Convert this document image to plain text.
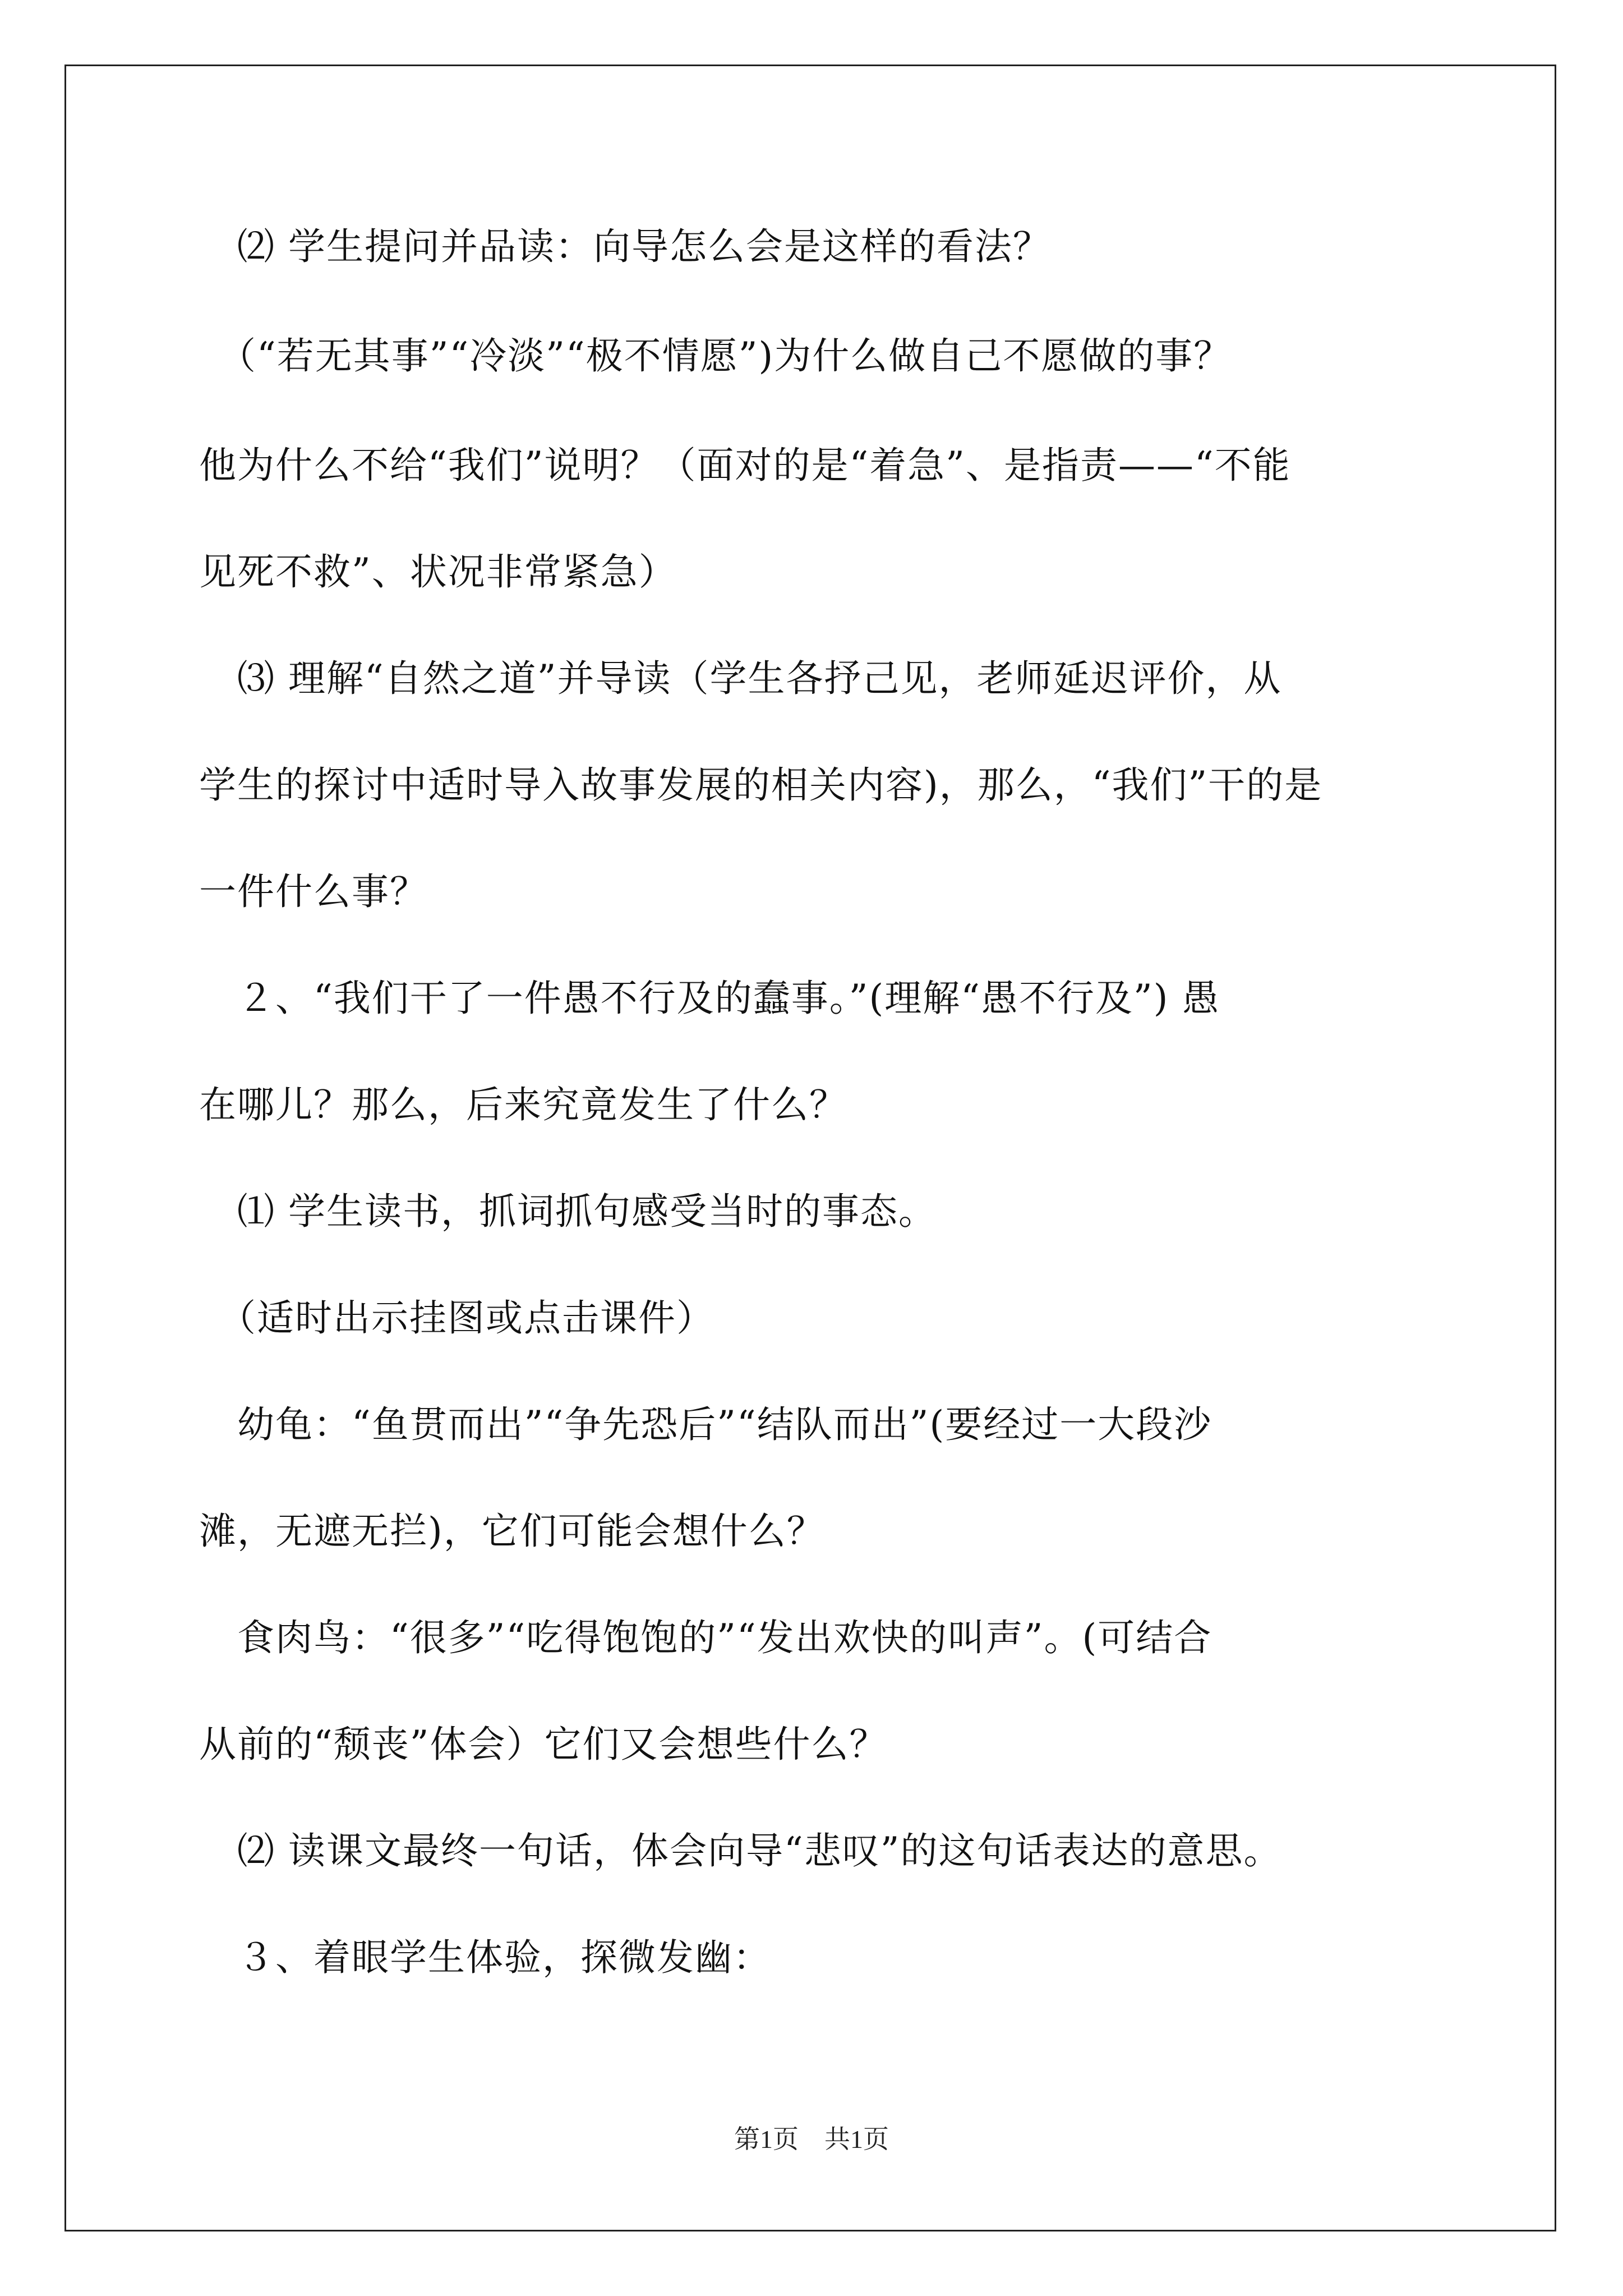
　⑵ 学生提问并品读：向导怎么会是这样的看法？
　（“若无其事”“冷淡”“极不情愿”)为什么做自己不愿做的事？
他为什么不给“我们”说明？（面对的是“着急”、是指责——“不能
见死不救”、状况非常紧急）
　⑶ 理解“自然之道”并导读（学生各抒己见，老师延迟评价，从
学生的探讨中适时导入故事发展的相关内容)，那么，“我们”干的是
一件什么事？
　２、“我们干了一件愚不行及的蠢事。”(理解“愚不行及”) 愚
在哪儿？那么，后来究竟发生了什么？
　⑴ 学生读书，抓词抓句感受当时的事态。
　（适时出示挂图或点击课件）
　幼龟：“鱼贯而出”“争先恐后”“结队而出”(要经过一大段沙
滩，无遮无拦)，它们可能会想什么？
　食肉鸟：“很多”“吃得饱饱的”“发出欢快的叫声”。(可结合
从前的“颓丧”体会）它们又会想些什么？
　⑵ 读课文最终一句话，体会向导“悲叹”的这句话表达的意思。
　３、着眼学生体验，探微发幽：
第1页　共1页
